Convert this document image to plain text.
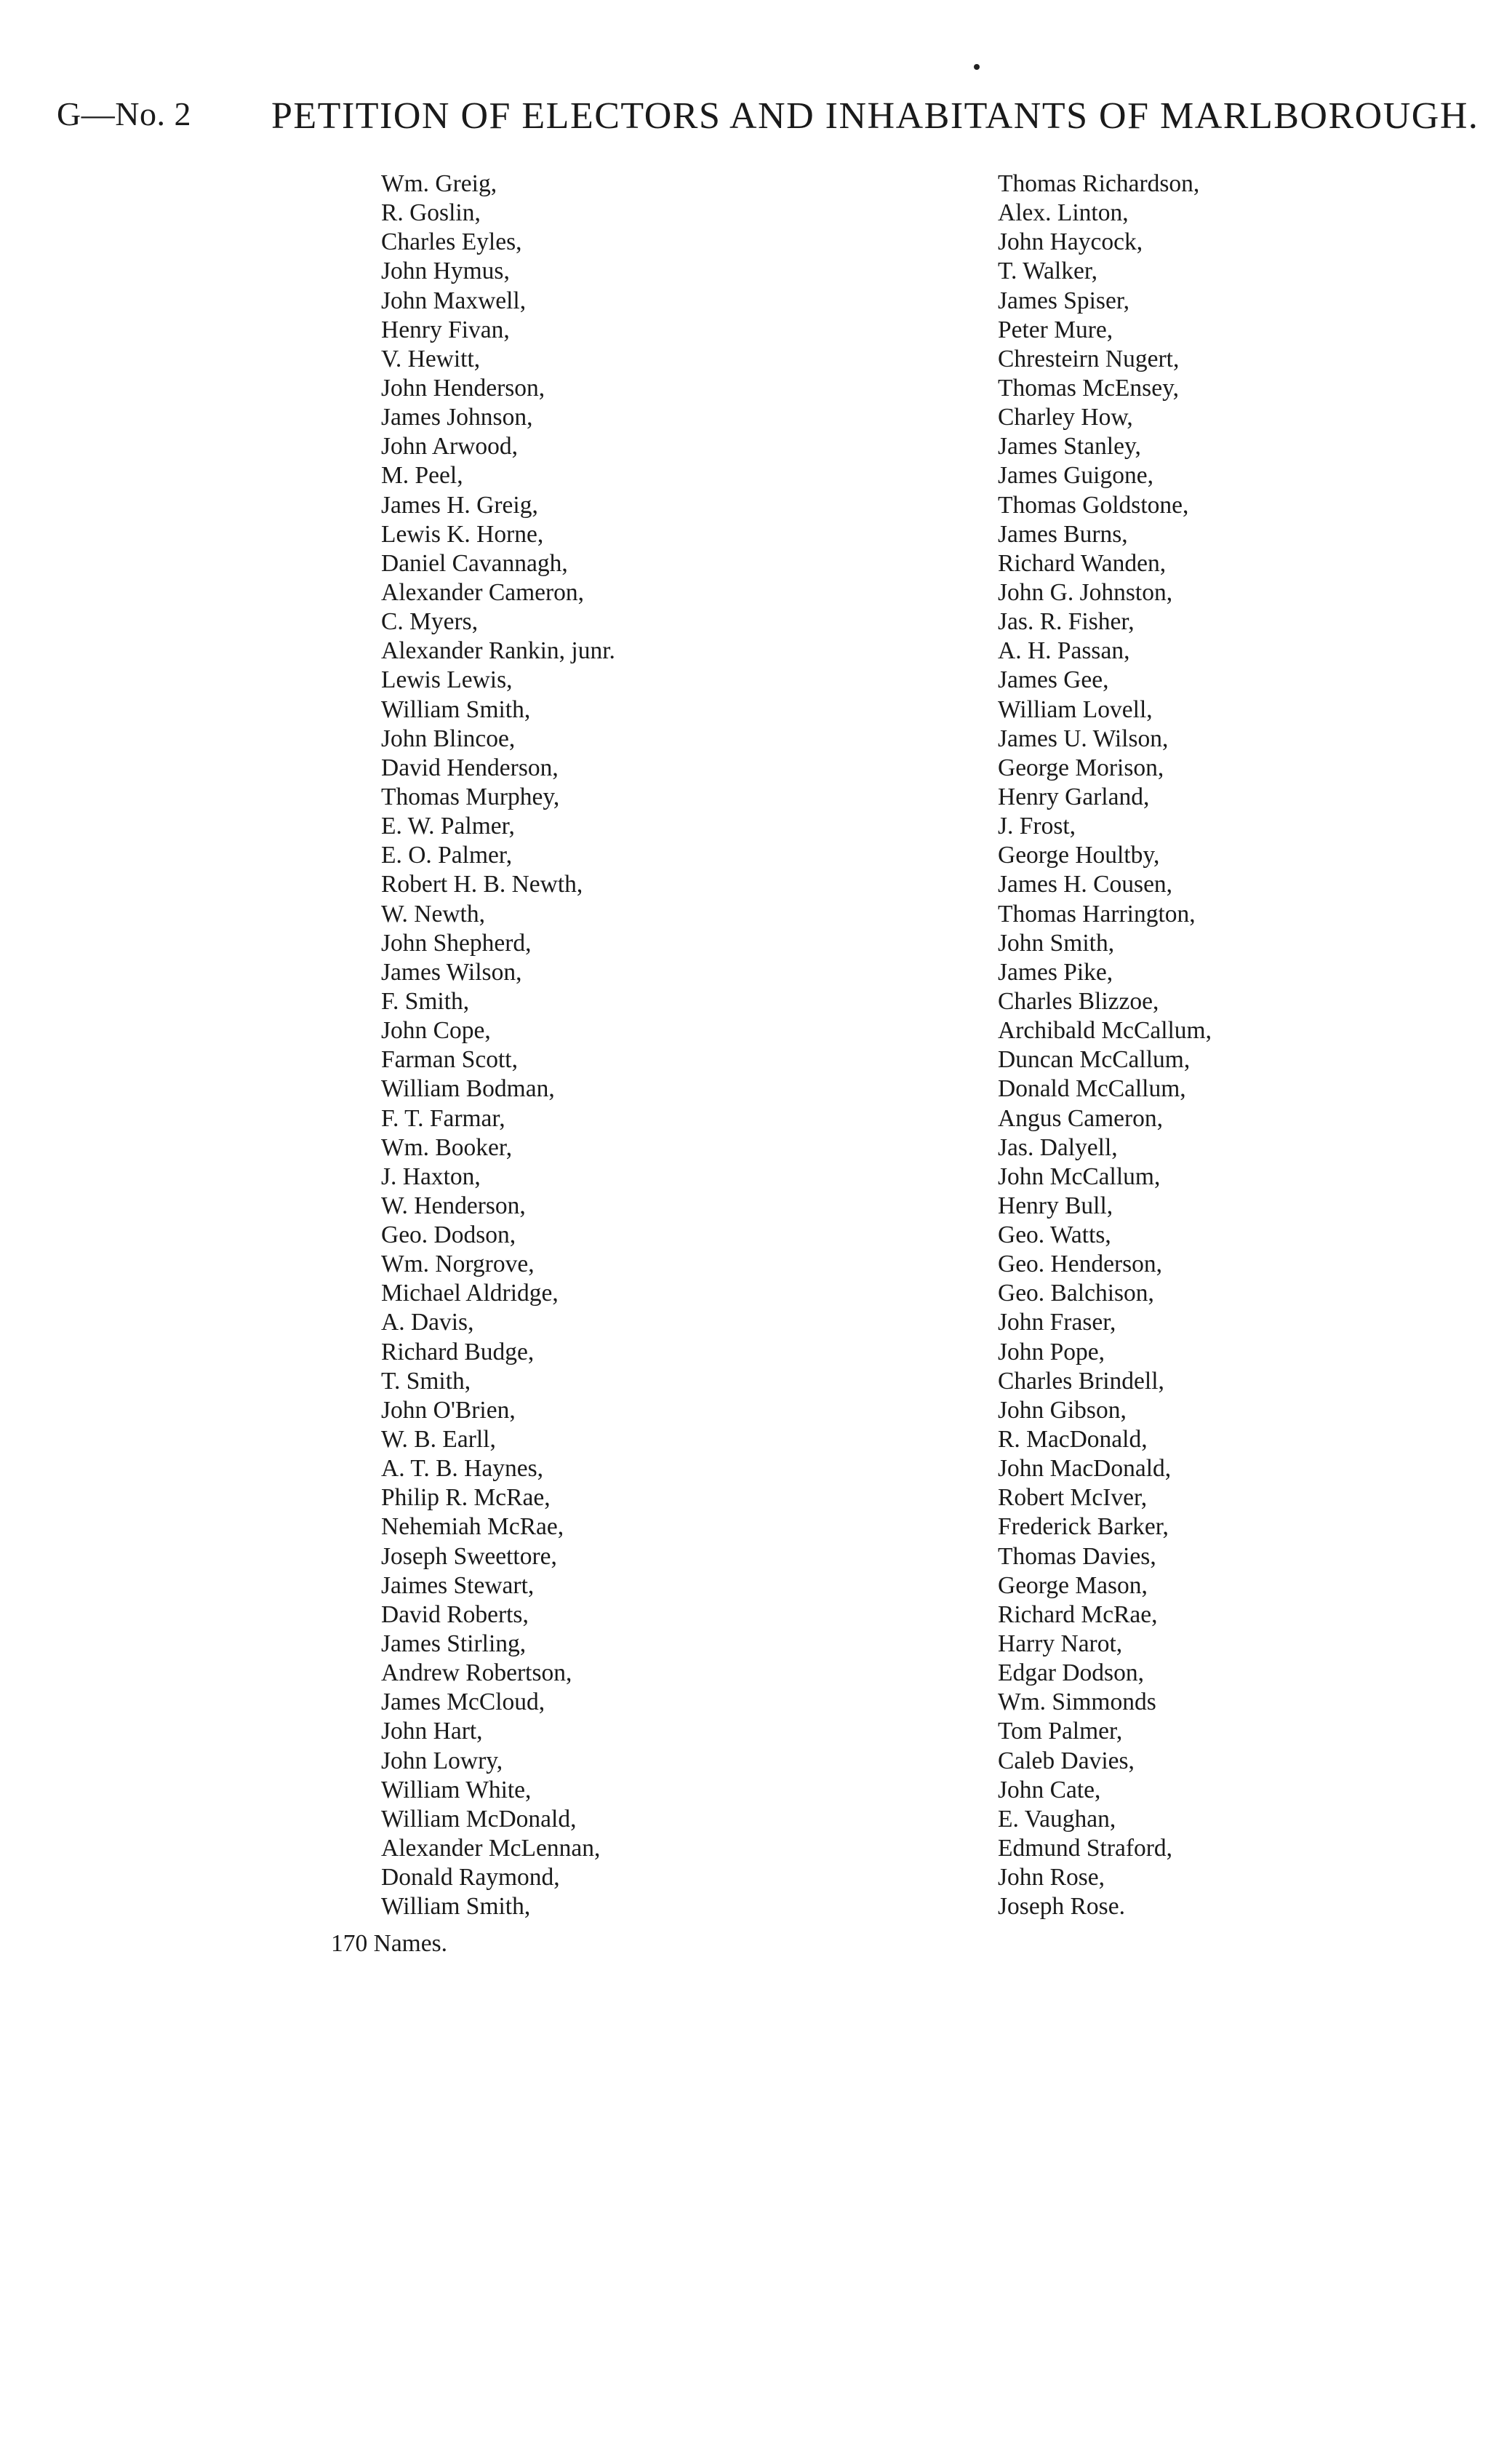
G—No. 2 PETITION OF ELECTORS AND INHABITANTS OF MARLBOROUGH.
Wm. Greig,
R. Goslin,
Charles Eyles,
John Hymus,
John Maxwell,
Henry Fivan,
V. Hewitt,
John Henderson,
James Johnson,
John Arwood,
M. Peel,
James H. Greig,
Lewis K. Horne,
Daniel Cavannagh,
Alexander Cameron,
C. Myers,
Alexander Rankin, junr.
Lewis Lewis,
William Smith,
John Blincoe,
David Henderson,
Thomas Murphey,
E. W. Palmer,
E. O. Palmer,
Robert H. B. Newth,
W. Newth,
John Shepherd,
James Wilson,
F. Smith,
John Cope,
Farman Scott,
William Bodman,
F. T. Farmar,
Wm. Booker,
J. Haxton,
W. Henderson,
Geo. Dodson,
Wm. Norgrove,
Michael Aldridge,
A. Davis,
Richard Budge,
T. Smith,
John O'Brien,
W. B. Earll,
A. T. B. Haynes,
Philip R. McRae,
Nehemiah McRae,
Joseph Sweettore,
Jaimes Stewart,
David Roberts,
James Stirling,
Andrew Robertson,
James McCloud,
John Hart,
John Lowry,
William White,
William McDonald,
Alexander McLennan,
Donald Raymond,
William Smith,
Thomas Richardson,
Alex. Linton,
John Haycock,
T. Walker,
James Spiser,
Peter Mure,
Chresteirn Nugert,
Thomas McEnsey,
Charley How,
James Stanley,
James Guigone,
Thomas Goldstone,
James Burns,
Richard Wanden,
John G. Johnston,
Jas. R. Fisher,
A. H. Passan,
James Gee,
William Lovell,
James U. Wilson,
George Morison,
Henry Garland,
J. Frost,
George Houltby,
James H. Cousen,
Thomas Harrington,
John Smith,
James Pike,
Charles Blizzoe,
Archibald McCallum,
Duncan McCallum,
Donald McCallum,
Angus Cameron,
Jas. Dalyell,
John McCallum,
Henry Bull,
Geo. Watts,
Geo. Henderson,
Geo. Balchison,
John Fraser,
John Pope,
Charles Brindell,
John Gibson,
R. MacDonald,
John MacDonald,
Robert McIver,
Frederick Barker,
Thomas Davies,
George Mason,
Richard McRae,
Harry Narot,
Edgar Dodson,
Wm. Simmonds
Tom Palmer,
Caleb Davies,
John Cate,
E. Vaughan,
Edmund Straford,
John Rose,
Joseph Rose.
170 Names.
